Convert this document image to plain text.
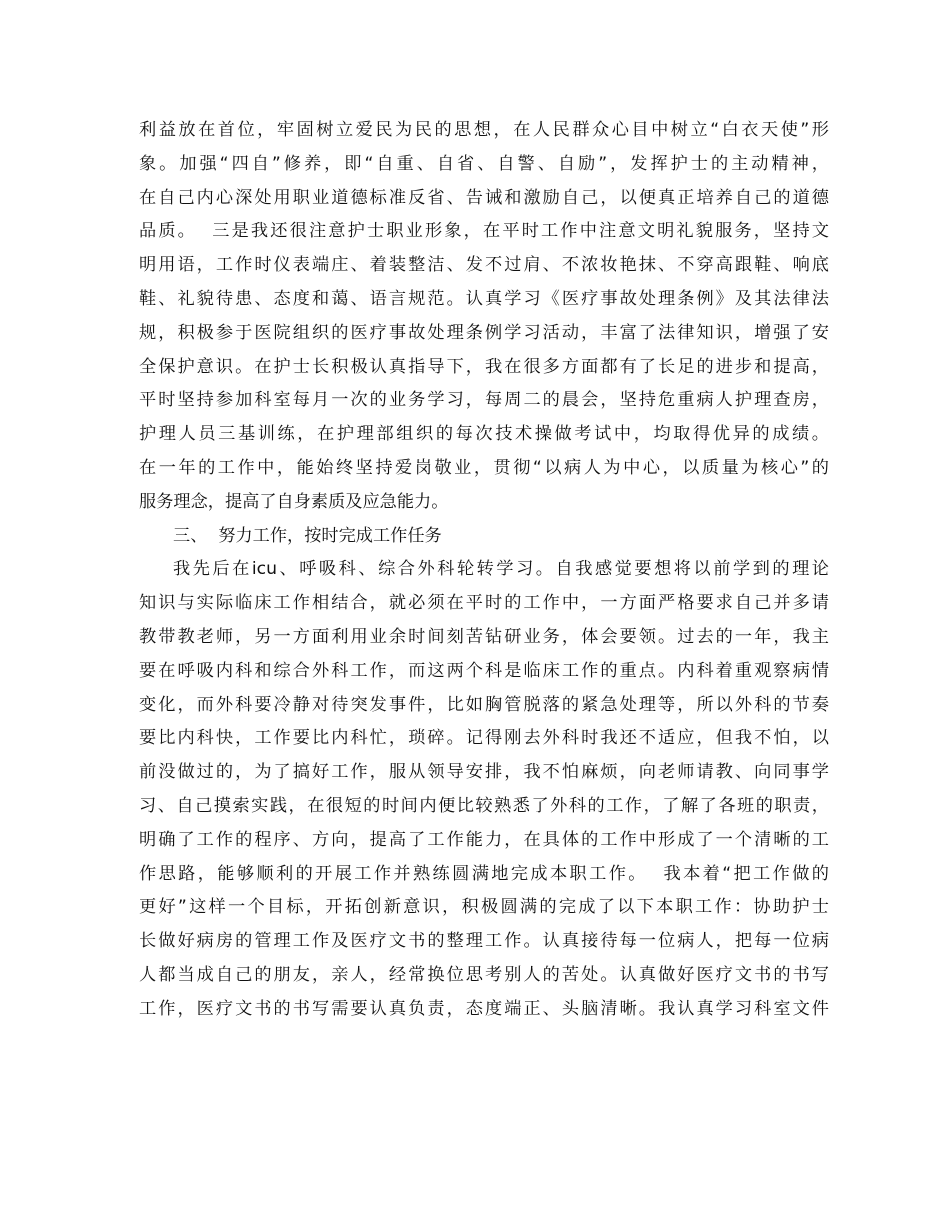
利益放在首位，牢固树立爱民为民的思想，在人民群众心目中树立“白衣天使”形
象。加强“四自”修养，即“自重、自省、自警、自励”，发挥护士的主动精神，
在自己内心深处用职业道德标准反省、告诫和激励自己，以便真正培养自己的道德
品质。  三是我还很注意护士职业形象，在平时工作中注意文明礼貌服务，坚持文
明用语，工作时仪表端庄、着装整洁、发不过肩、不浓妆艳抹、不穿高跟鞋、响底
鞋、礼貌待患、态度和蔼、语言规范。认真学习《医疗事故处理条例》及其法律法
规，积极参于医院组织的医疗事故处理条例学习活动，丰富了法律知识，增强了安
全保护意识。在护士长积极认真指导下，我在很多方面都有了长足的进步和提高，
平时坚持参加科室每月一次的业务学习，每周二的晨会，坚持危重病人护理查房，
护理人员三基训练，在护理部组织的每次技术操做考试中，均取得优异的成绩。
在一年的工作中，能始终坚持爱岗敬业，贯彻“以病人为中心，以质量为核心”的
服务理念，提高了自身素质及应急能力。
三、  努力工作，按时完成工作任务
我先后在icu、呼吸科、综合外科轮转学习。自我感觉要想将以前学到的理论
知识与实际临床工作相结合，就必须在平时的工作中，一方面严格要求自己并多请
教带教老师，另一方面利用业余时间刻苦钻研业务，体会要领。过去的一年，我主
要在呼吸内科和综合外科工作，而这两个科是临床工作的重点。内科着重观察病情
变化，而外科要冷静对待突发事件，比如胸管脱落的紧急处理等，所以外科的节奏
要比内科快，工作要比内科忙，琐碎。记得刚去外科时我还不适应，但我不怕，以
前没做过的，为了搞好工作，服从领导安排，我不怕麻烦，向老师请教、向同事学
习、自己摸索实践，在很短的时间内便比较熟悉了外科的工作，了解了各班的职责，
明确了工作的程序、方向，提高了工作能力，在具体的工作中形成了一个清晰的工
作思路，能够顺利的开展工作并熟练圆满地完成本职工作。  我本着“把工作做的
更好”这样一个目标，开拓创新意识，积极圆满的完成了以下本职工作：协助护士
长做好病房的管理工作及医疗文书的整理工作。认真接待每一位病人，把每一位病
人都当成自己的朋友，亲人，经常换位思考别人的苦处。认真做好医疗文书的书写
工作，医疗文书的书写需要认真负责，态度端正、头脑清晰。我认真学习科室文件
